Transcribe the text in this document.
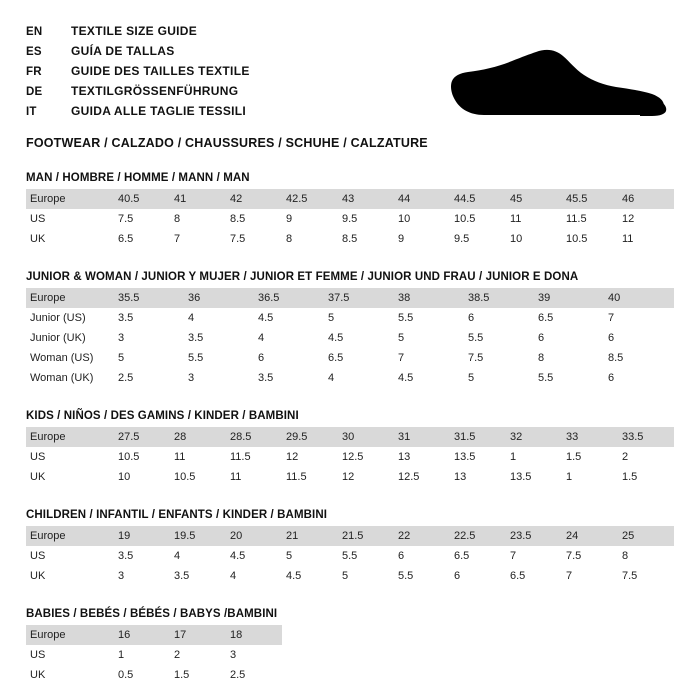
EN	TEXTILE SIZE GUIDE
ES	GUÍA DE TALLAS
FR	GUIDE DES TAILLES TEXTILE
DE	TEXTILGRÖSSENFÜHRUNG
IT	GUIDA ALLE TAGLIE TESSILI
FOOTWEAR / CALZADO / CHAUSSURES / SCHUHE / CALZATURE
MAN / HOMBRE / HOMME / MANN / MAN
Europe	40.5	41	42	42.5	43	44	44.5	45	45.5	46
US	7.5	8	8.5	9	9.5	10	10.5	11	11.5	12
UK	6.5	7	7.5	8	8.5	9	9.5	10	10.5	11
JUNIOR & WOMAN / JUNIOR Y MUJER / JUNIOR ET FEMME / JUNIOR UND FRAU / JUNIOR E DONA
Europe	35.5	36	36.5	37.5	38	38.5	39	40
Junior (US)	3.5	4	4.5	5	5.5	6	6.5	7
Junior (UK)	3	3.5	4	4.5	5	5.5	6	6
Woman (US)	5	5.5	6	6.5	7	7.5	8	8.5
Woman (UK)	2.5	3	3.5	4	4.5	5	5.5	6
KIDS / NIÑOS / DES GAMINS / KINDER / BAMBINI
Europe	27.5	28	28.5	29.5	30	31	31.5	32	33	33.5
US	10.5	11	11.5	12	12.5	13	13.5	1	1.5	2
UK	10	10.5	11	11.5	12	12.5	13	13.5	1	1.5
CHILDREN / INFANTIL / ENFANTS / KINDER / BAMBINI
Europe	19	19.5	20	21	21.5	22	22.5	23.5	24	25
US	3.5	4	4.5	5	5.5	6	6.5	7	7.5	8
UK	3	3.5	4	4.5	5	5.5	6	6.5	7	7.5
BABIES / BEBÉS / BÉBÉS / BABYS /BAMBINI
Europe	16	17	18							
US	1	2	3							
UK	0.5	1.5	2.5							
